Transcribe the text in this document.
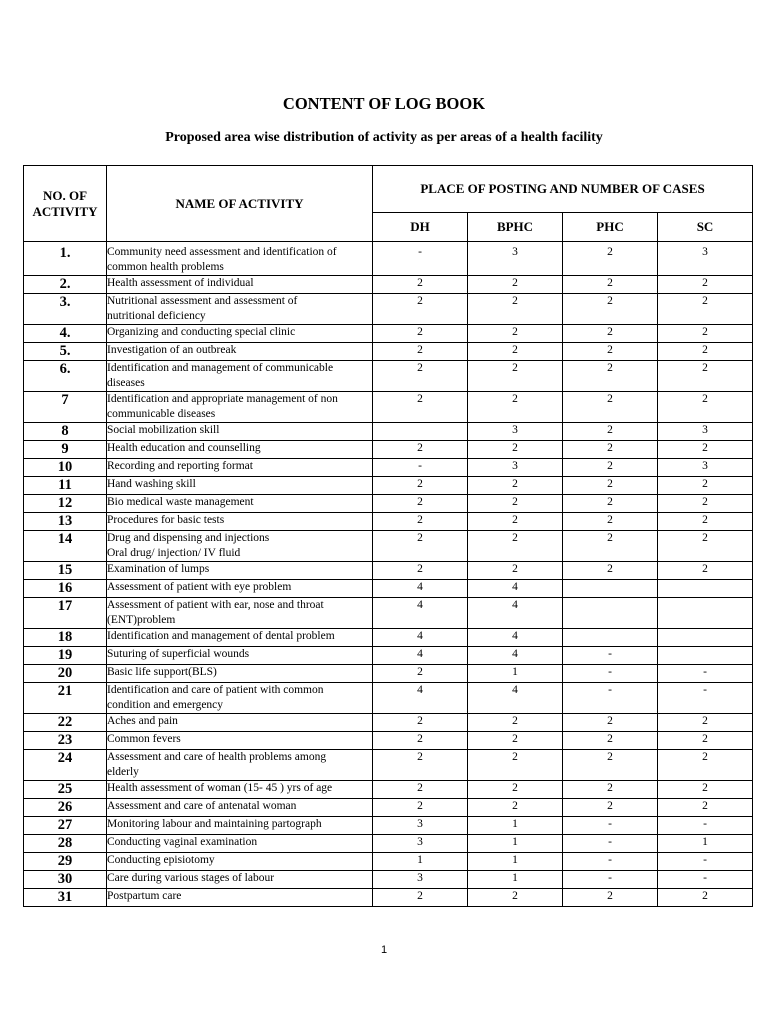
CONTENT OF LOG BOOK
Proposed area wise distribution of activity as per areas of a health facility
NO. OF ACTIVITY	NAME OF ACTIVITY	PLACE OF POSTING AND NUMBER OF CASES			
		DH	BPHC	PHC	SC
1.	Community need assessment and identification of
common health problems	-	3	2	3
2.	Health assessment of individual	2	2	2	2
3.	Nutritional assessment and assessment of
nutritional deficiency	2	2	2	2
4.	Organizing and conducting special clinic	2	2	2	2
5.	Investigation of an outbreak	2	2	2	2
6.	Identification and management of communicable
diseases	2	2	2	2
7	Identification and appropriate management of non
communicable diseases	2	2	2	2
8	Social mobilization skill		3	2	3
9	Health education and counselling	2	2	2	2
10	Recording and reporting format	-	3	2	3
11	Hand washing skill	2	2	2	2
12	Bio medical waste management	2	2	2	2
13	Procedures for basic tests	2	2	2	2
14	Drug and dispensing and injections
Oral drug/ injection/ IV fluid	2	2	2	2
15	Examination of lumps	2	2	2	2
16	Assessment of patient with eye problem	4	4		
17	Assessment of patient with ear, nose and throat
(ENT)problem	4	4		
18	Identification and management of dental problem	4	4		
19	Suturing of superficial wounds	4	4	-	
20	Basic life support(BLS)	2	1	-	-
21	Identification and care of patient with common
condition and emergency	4	4	-	-
22	Aches and pain	2	2	2	2
23	Common fevers	2	2	2	2
24	Assessment and care of health problems among
elderly	2	2	2	2
25	Health assessment of woman (15- 45 ) yrs of age	2	2	2	2
26	Assessment and care of antenatal woman	2	2	2	2
27	Monitoring labour and maintaining partograph	3	1	-	-
28	Conducting vaginal examination	3	1	-	1
29	Conducting episiotomy	1	1	-	-
30	Care during various stages of labour	3	1	-	-
31	Postpartum care	2	2	2	2
1
